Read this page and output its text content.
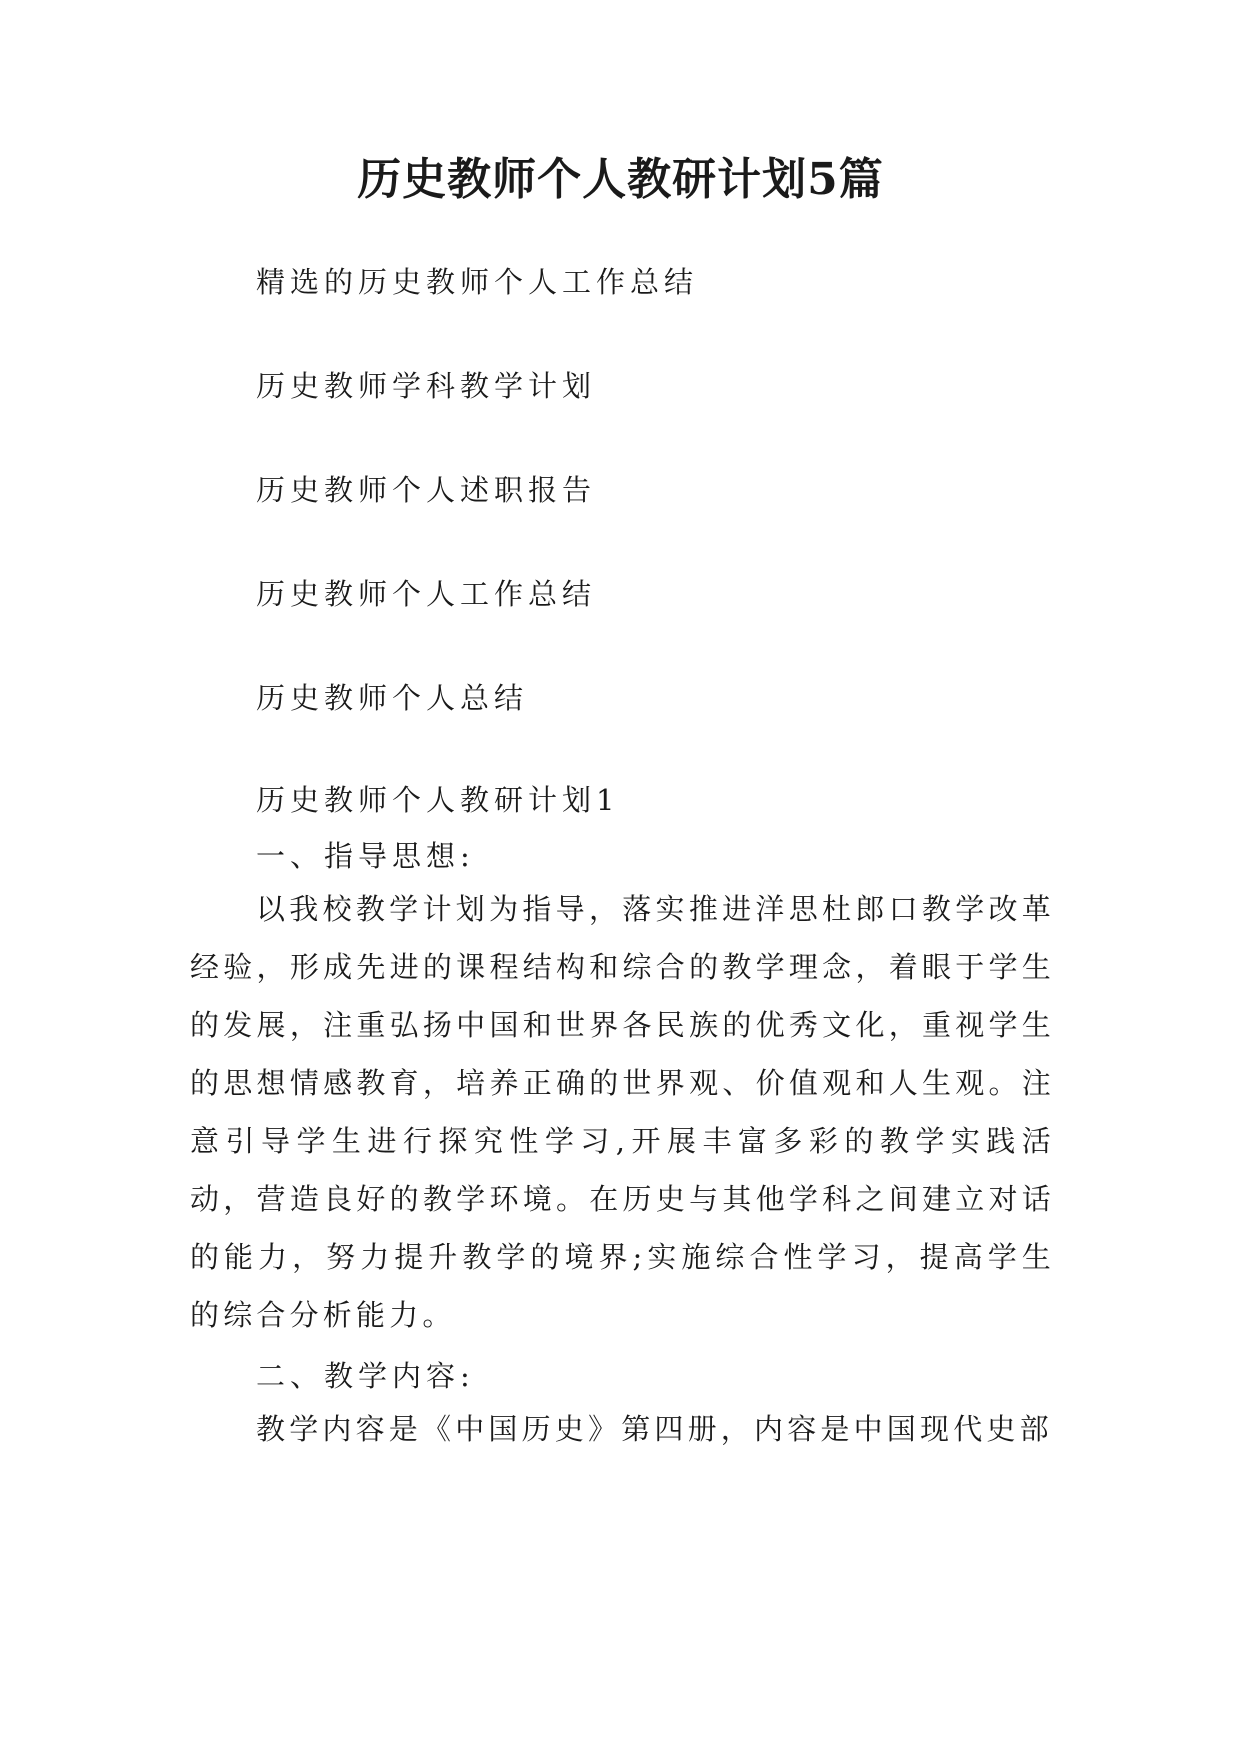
历史教师个人教研计划5篇

精选的历史教师个人工作总结

历史教师学科教学计划

历史教师个人述职报告

历史教师个人工作总结

历史教师个人总结

历史教师个人教研计划1

一、指导思想:

以我校教学计划为指导，落实推进洋思杜郎口教学改革经验，形成先进的课程结构和综合的教学理念，着眼于学生的发展，注重弘扬中国和世界各民族的优秀文化，重视学生的思想情感教育，培养正确的世界观、价值观和人生观。注意引导学生进行探究性学习,开展丰富多彩的教学实践活动，营造良好的教学环境。在历史与其他学科之间建立对话的能力，努力提升教学的境界;实施综合性学习，提高学生的综合分析能力。

二、教学内容:

教学内容是《中国历史》第四册，内容是中国现代史部
